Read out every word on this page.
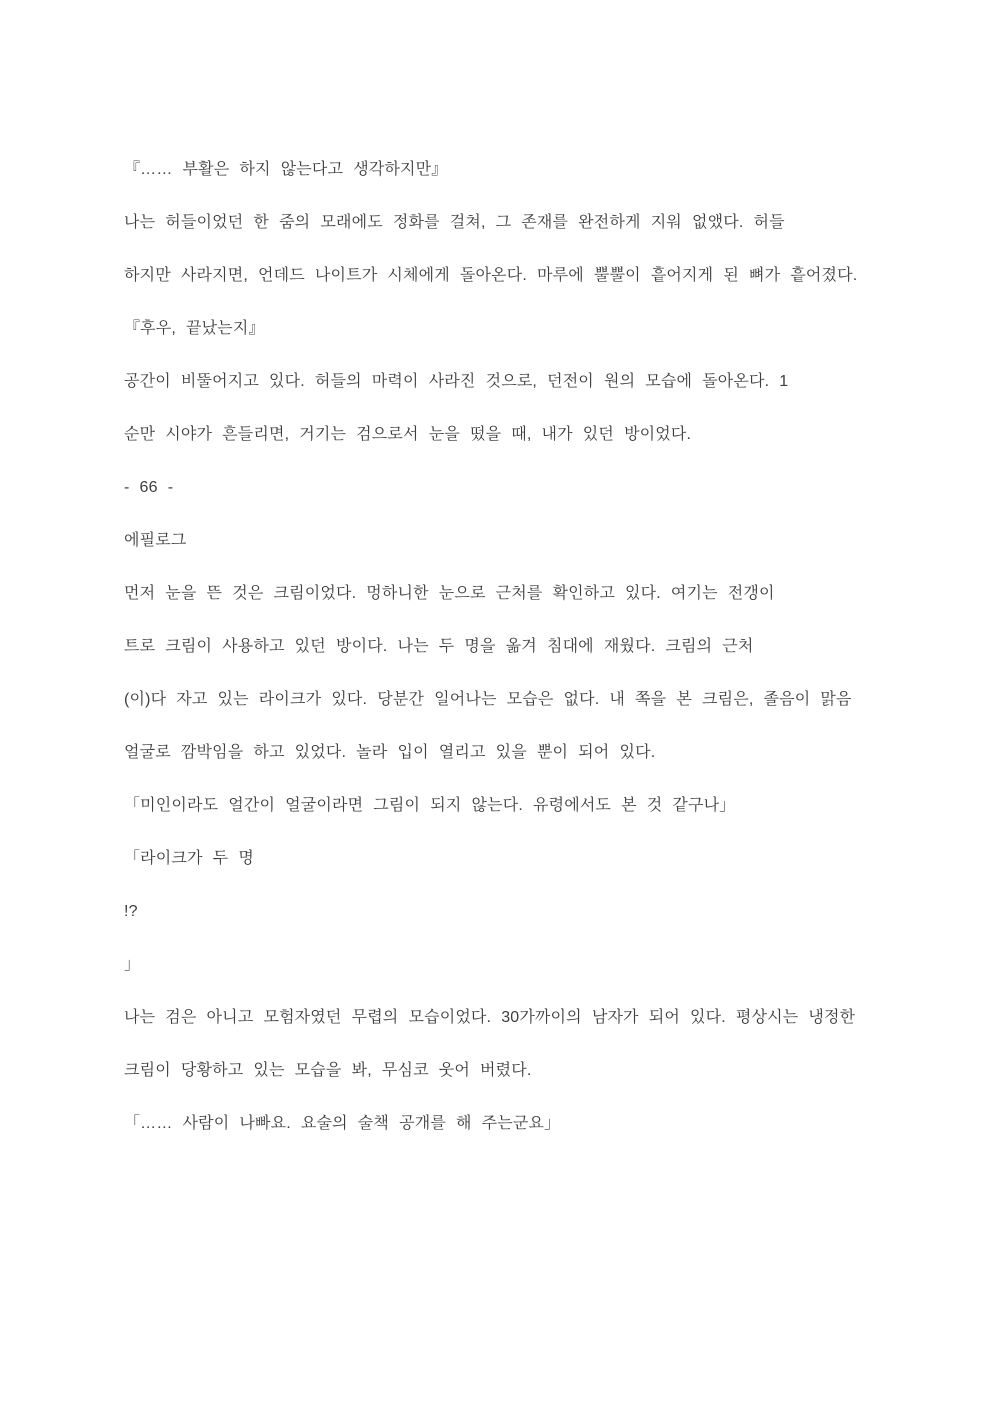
『…… 부활은 하지 않는다고 생각하지만』

나는 허들이었던 한 줌의 모래에도 정화를 걸쳐, 그 존재를 완전하게 지워 없앴다. 허들

하지만 사라지면, 언데드 나이트가 시체에게 돌아온다. 마루에 뿔뿔이 흩어지게 된 뼈가 흩어졌다.

『후우, 끝났는지』

공간이 비뚤어지고 있다. 허들의 마력이 사라진 것으로, 던전이 원의 모습에 돌아온다. 1

순만 시야가 흔들리면, 거기는 검으로서 눈을 떴을 때, 내가 있던 방이었다.

- 66 -

에필로그

먼저 눈을 뜬 것은 크림이었다. 멍하니한 눈으로 근처를 확인하고 있다. 여기는 전갱이

트로 크림이 사용하고 있던 방이다. 나는 두 명을 옮겨 침대에 재웠다. 크림의 근처

(이)다 자고 있는 라이크가 있다. 당분간 일어나는 모습은 없다. 내 쪽을 본 크림은, 졸음이 맑음

얼굴로 깜박임을 하고 있었다. 놀라 입이 열리고 있을 뿐이 되어 있다.

「미인이라도 얼간이 얼굴이라면 그림이 되지 않는다. 유령에서도 본 것 같구나」

「라이크가 두 명

!?

」

나는 검은 아니고 모험자였던 무렵의 모습이었다. 30가까이의 남자가 되어 있다. 평상시는 냉정한

크림이 당황하고 있는 모습을 봐, 무심코 웃어 버렸다.

「…… 사람이 나빠요. 요술의 술책 공개를 해 주는군요」
